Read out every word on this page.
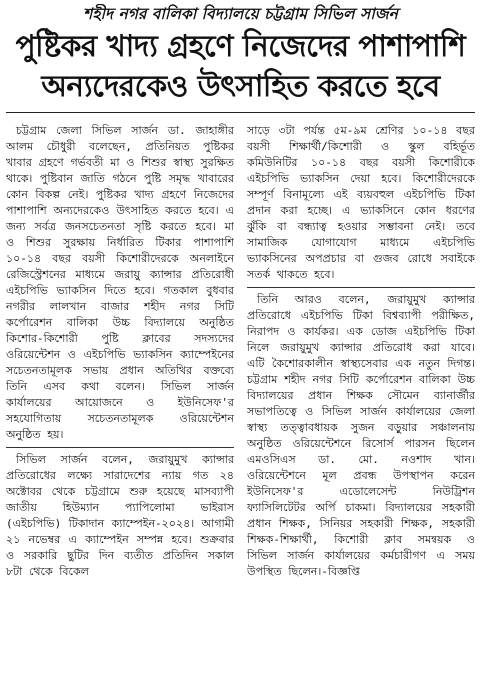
শহীদ নগর বালিকা বিদ্যালয়ে চট্টগ্রাম সিভিল সার্জন
পুষ্টিকর খাদ্য গ্রহণে নিজেদের পাশাপাশি
অন্যদেরকেও উৎসাহিত করতে হবে

চট্টগ্রাম জেলা সিভিল সার্জন ডা. জাহাঙ্গীর আলম চৌধুরী বলেছেন, প্রতিনিয়ত পুষ্টিকর খাবার গ্রহণে গর্ভবতী মা ও শিশুর স্বাস্থ্য সুরক্ষিত থাকে। পুষ্টিবান জাতি গঠনে পুষ্টি সমৃদ্ধ খাবারের কোন বিকল্প নেই। পুষ্টিকর খাদ্য গ্রহণে নিজেদের পাশাপাশি অন্যদেরকেও উৎসাহিত করতে হবে। এ জন্য সর্বত্র জনসচেতনতা সৃষ্টি করতে হবে। মা ও শিশুর সুরক্ষায় নির্ধারিত টিকার পাশাপাশি ১০-১৪ বছর বয়সী কিশোরীদেরকে অনলাইনে রেজিস্ট্রেশনের মাধ্যমে জরায়ু ক্যান্সার প্রতিরোধী এইচপিভি ভ্যাকসিন দিতে হবে। গতকাল বুধবার নগরীর লালখান বাজার শহীদ নগর সিটি কর্পোরেশন বালিকা উচ্চ বিদ্যালয়ে অনুষ্ঠিত কিশোর-কিশোরী পুষ্টি ক্লাবের সদস্যদের ওরিয়েন্টেশন ও এইচপিভি ভ্যাকসিন ক্যাম্পেইনের সচেতনতামূলক সভায় প্রধান অতিথির বক্তব্যে তিনি এসব কথা বলেন। সিভিল সার্জন কার্যালয়ের আয়োজনে ও ইউনিসেফ'র সহযোগিতায় সচেতনতামূলক ওরিয়েন্টেশন অনুষ্ঠিত হয়।

সিভিল সার্জন বলেন, জরায়ুমুখ ক্যান্সার প্রতিরোধের লক্ষ্যে সারাদেশের ন্যায় গত ২৪ অক্টোবর থেকে চট্টগ্রামে শুরু হয়েছে মাসব্যাপী জাতীয় হিউম্যান প্যাপিলোমা ভাইরাস (এইচপিভি) টিকাদান ক্যাম্পেইন-২০২৪। আগামী ২১ নভেম্বর এ ক্যাম্পেইন সম্পন্ন হবে। শুক্রবার ও সরকারি ছুটির দিন ব্যতীত প্রতিদিন সকাল ৮টা থেকে বিকেল

সাড়ে ৩টা পর্যন্ত ৫ম-৯ম শ্রেণির ১০-১৪ বছর বয়সী শিক্ষার্থী/কিশোরী ও স্কুল বহির্ভূত কমিউনিটির ১০-১৪ বছর বয়সী কিশোরীকে এইচপিভি ভ্যাকসিন দেয়া হবে। কিশোরীদেরকে সম্পূর্ণ বিনামূল্যে এই ব্যয়বহুল এইচপিভি টিকা প্রদান করা হচ্ছে। এ ভ্যাকসিনে কোন ধরণের ঝুঁকি বা বন্ধ্যাত্ব হওয়ার সম্ভাবনা নেই। তবে সামাজিক যোগাযোগ মাধ্যমে এইচপিভি ভ্যাকসিনের অপপ্রচার বা গুজব রোধে সবাইকে সতর্ক থাকতে হবে।

তিনি আরও বলেন, জরায়ুমুখ ক্যান্সার প্রতিরোধে এইচপিভি টিকা বিশ্বব্যাপী পরীক্ষিত, নিরাপদ ও কার্যকর। এক ডোজ এইচপিভি টিকা নিলে জরায়ুমুখ ক্যান্সার প্রতিরোধ করা যাবে। এটি কৈশোরকালীন স্বাস্থ্যসেবার এক নতুন দিগন্ত। চট্টগ্রাম শহীদ নগর সিটি কর্পোরেশন বালিকা উচ্চ বিদ্যালয়ের প্রধান শিক্ষক সৌমেন ব্যানার্জীর সভাপতিত্বে ও সিভিল সার্জন কার্যালয়ের জেলা স্বাস্থ্য তত্ত্বাবধায়ক সুজন বড়ুয়ার সঞ্চালনায় অনুষ্ঠিত ওরিয়েন্টেশনে রিসোর্স পারসন ছিলেন এমওসিএস ডা. মো. নওশাদ খান। ওরিয়েন্টেশনে মূল প্রবন্ধ উপস্থাপন করেন ইউনিসেফ'র এডোলেসেন্ট নিউট্রিশন ফ্যাসিলিটেটর অর্পি চাকমা। বিদ্যালয়ের সহকারী প্রধান শিক্ষক, সিনিয়র সহকারী শিক্ষক, সহকারী শিক্ষক-শিক্ষার্থী, কিশোরী ক্লাব সমন্বয়ক ও সিভিল সার্জন কার্যালয়ের কর্মচারীগণ এ সময় উপস্থিত ছিলেন।-বিজ্ঞপ্তি
